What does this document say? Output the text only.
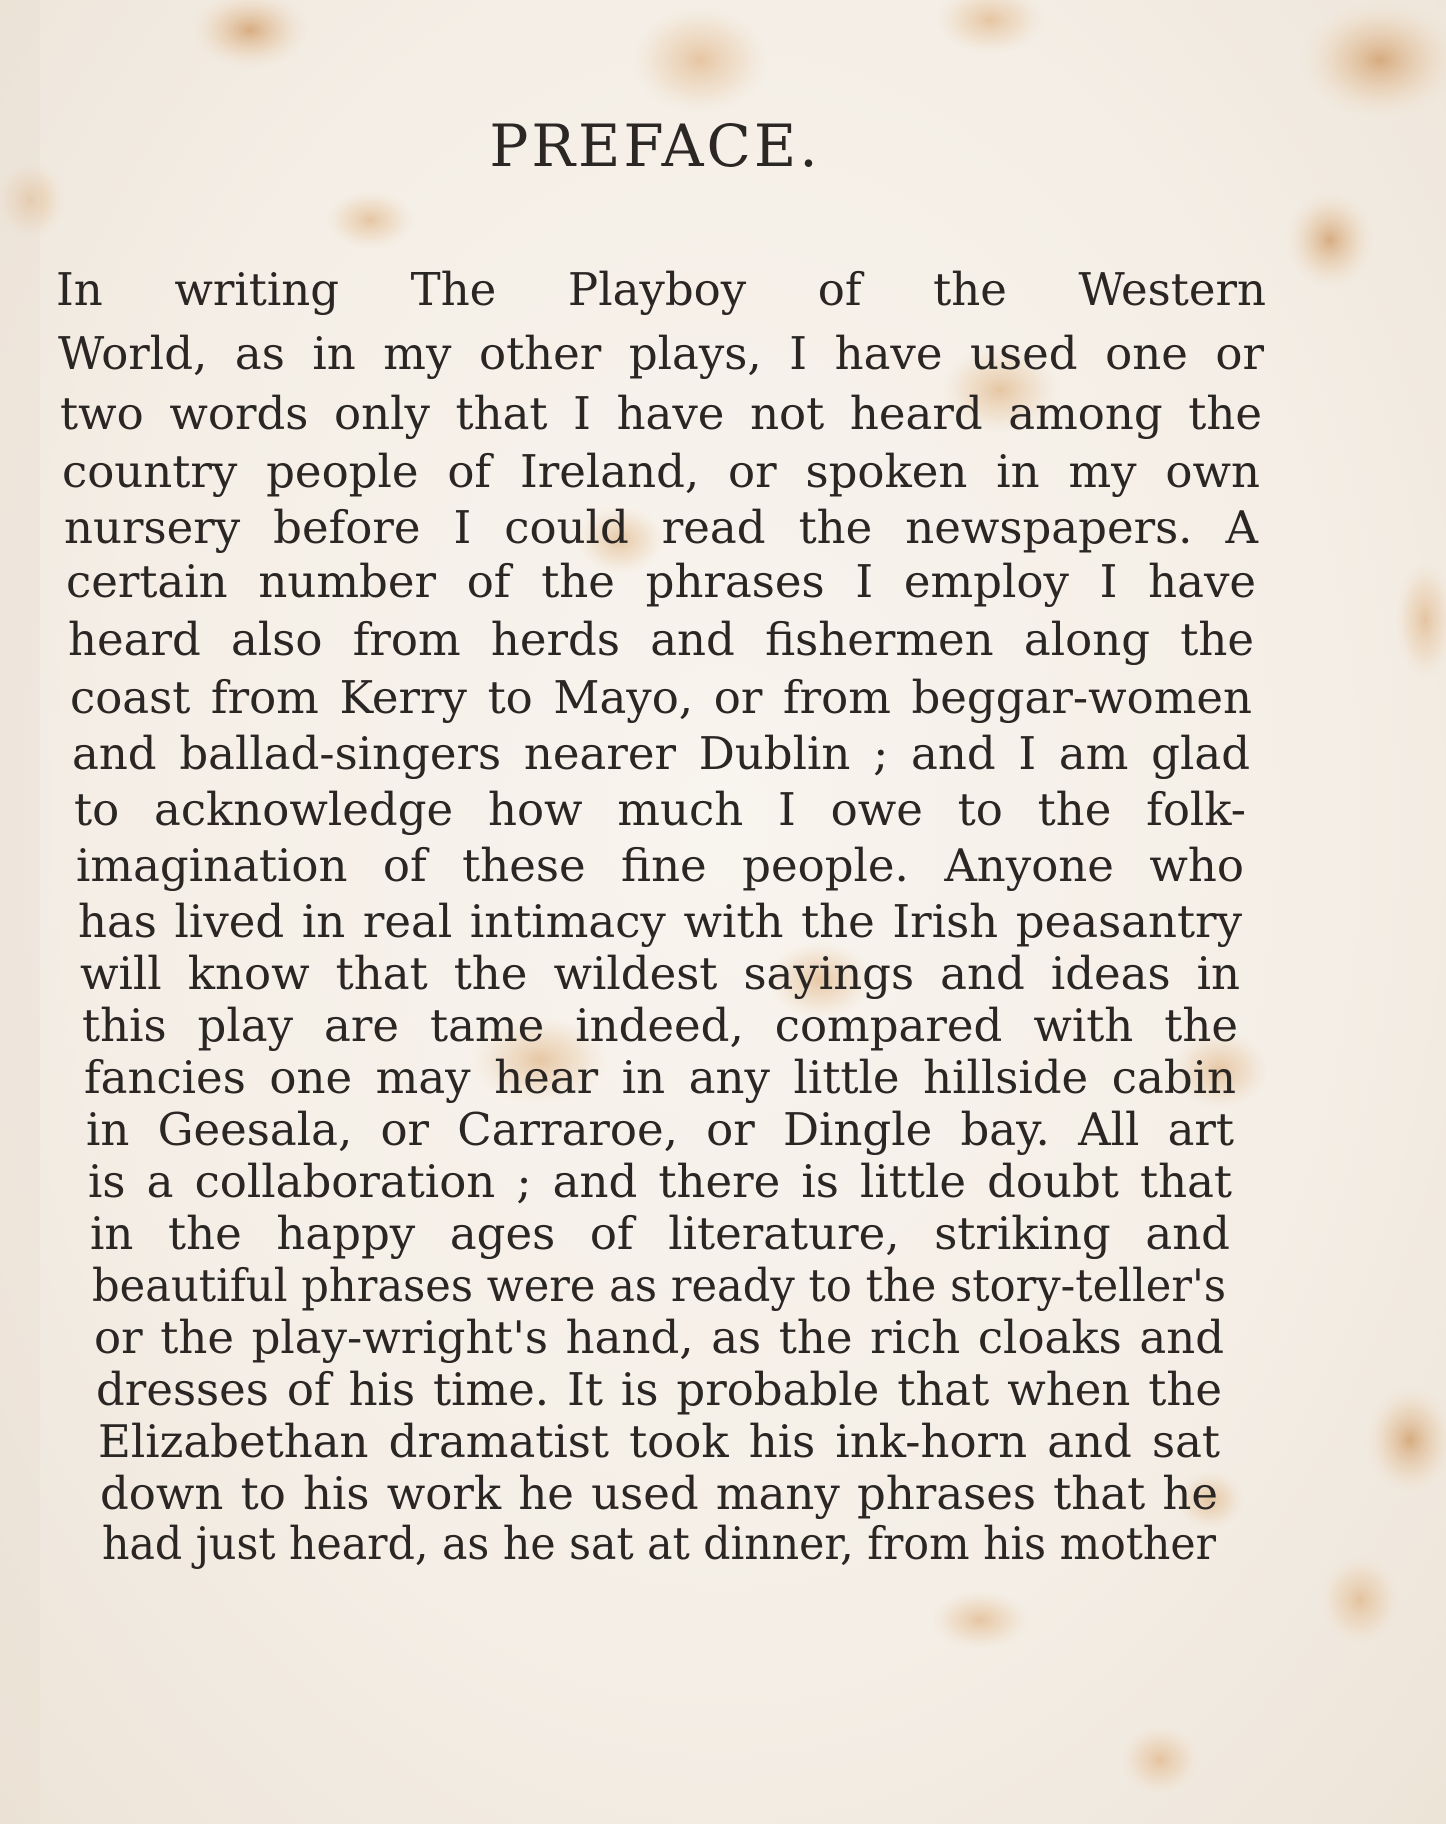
PREFACE.
In writing The Playboy of the Western
World, as in my other plays, I have used one or
two words only that I have not heard among the
country people of Ireland, or spoken in my own
nursery before I could read the newspapers. A
certain number of the phrases I employ I have
heard also from herds and fishermen along the
coast from Kerry to Mayo, or from beggar-women
and ballad-singers nearer Dublin ; and I am glad
to acknowledge how much I owe to the folk-
imagination of these fine people. Anyone who
has lived in real intimacy with the Irish peasantry
will know that the wildest sayings and ideas in
this play are tame indeed, compared with the
fancies one may hear in any little hillside cabin
in Geesala, or Carraroe, or Dingle bay. All art
is a collaboration ; and there is little doubt that
in the happy ages of literature, striking and
beautiful phrases were as ready to the story-teller's
or the play-wright's hand, as the rich cloaks and
dresses of his time. It is probable that when the
Elizabethan dramatist took his ink-horn and sat
down to his work he used many phrases that he
had just heard, as he sat at dinner, from his mother
